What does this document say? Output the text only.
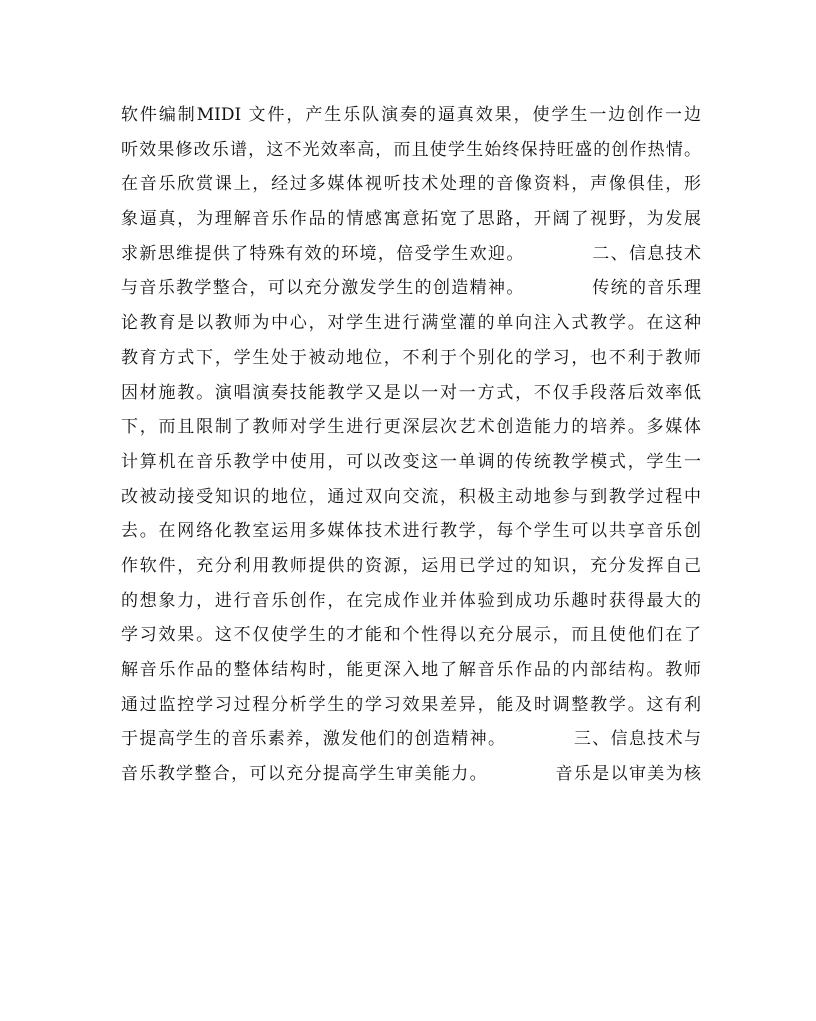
软件编制MIDI 文件，产生乐队演奏的逼真效果，使学生一边创作一边
听效果修改乐谱，这不光效率高，而且使学生始终保持旺盛的创作热情。
在音乐欣赏课上，经过多媒体视听技术处理的音像资料，声像俱佳，形
象逼真，为理解音乐作品的情感寓意拓宽了思路，开阔了视野，为发展
求新思维提供了特殊有效的环境，倍受学生欢迎。          二、信息技术
与音乐教学整合，可以充分激发学生的创造精神。          传统的音乐理
论教育是以教师为中心，对学生进行满堂灌的单向注入式教学。在这种
教育方式下，学生处于被动地位，不利于个别化的学习，也不利于教师
因材施教。演唱演奏技能教学又是以一对一方式，不仅手段落后效率低
下，而且限制了教师对学生进行更深层次艺术创造能力的培养。多媒体
计算机在音乐教学中使用，可以改变这一单调的传统教学模式，学生一
改被动接受知识的地位，通过双向交流，积极主动地参与到教学过程中
去。在网络化教室运用多媒体技术进行教学，每个学生可以共享音乐创
作软件，充分利用教师提供的资源，运用已学过的知识，充分发挥自己
的想象力，进行音乐创作，在完成作业并体验到成功乐趣时获得最大的
学习效果。这不仅使学生的才能和个性得以充分展示，而且使他们在了
解音乐作品的整体结构时，能更深入地了解音乐作品的内部结构。教师
通过监控学习过程分析学生的学习效果差异，能及时调整教学。这有利
于提高学生的音乐素养，激发他们的创造精神。          三、信息技术与
音乐教学整合，可以充分提高学生审美能力。          音乐是以审美为核
